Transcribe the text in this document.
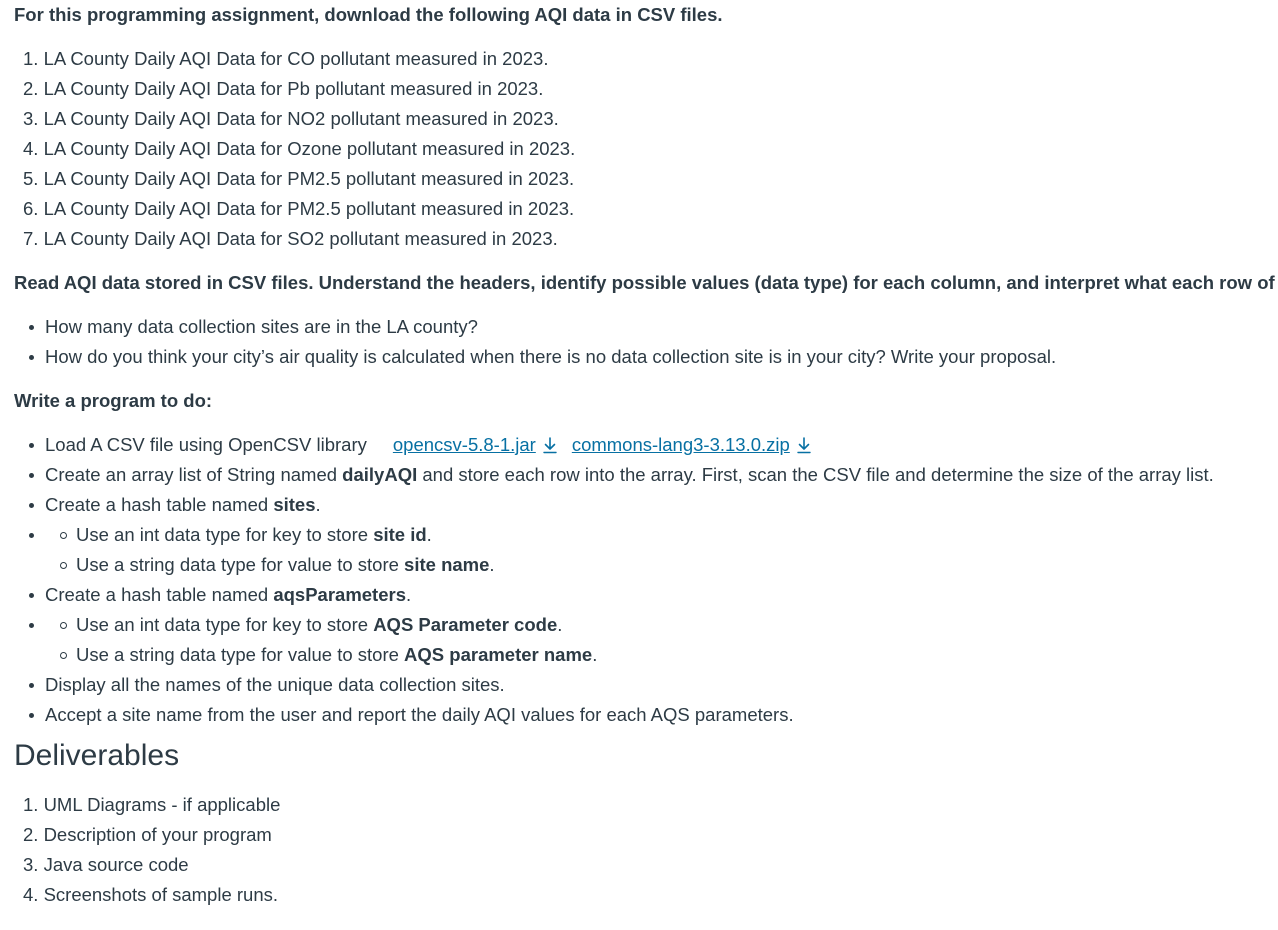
For this programming assignment, download the following AQI data in CSV files.

1. LA County Daily AQI Data for CO pollutant measured in 2023.
2. LA County Daily AQI Data for Pb pollutant measured in 2023.
3. LA County Daily AQI Data for NO2 pollutant measured in 2023.
4. LA County Daily AQI Data for Ozone pollutant measured in 2023.
5. LA County Daily AQI Data for PM2.5 pollutant measured in 2023.
6. LA County Daily AQI Data for PM2.5 pollutant measured in 2023.
7. LA County Daily AQI Data for SO2 pollutant measured in 2023.

Read AQI data stored in CSV files. Understand the headers, identify possible values (data type) for each column, and interpret what each row of

How many data collection sites are in the LA county?
How do you think your city’s air quality is calculated when there is no data collection site is in your city? Write your proposal.

Write a program to do:

Load A CSV file using OpenCSV library opencsv-5.8-1.jar commons-lang3-3.13.0.zip
Create an array list of String named dailyAQI and store each row into the array. First, scan the CSV file and determine the size of the array list.
Create a hash table named sites.
Use an int data type for key to store site id.
Use a string data type for value to store site name.
Create a hash table named aqsParameters.
Use an int data type for key to store AQS Parameter code.
Use a string data type for value to store AQS parameter name.
Display all the names of the unique data collection sites.
Accept a site name from the user and report the daily AQI values for each AQS parameters.
Deliverables
1. UML Diagrams - if applicable
2. Description of your program
3. Java source code
4. Screenshots of sample runs.
